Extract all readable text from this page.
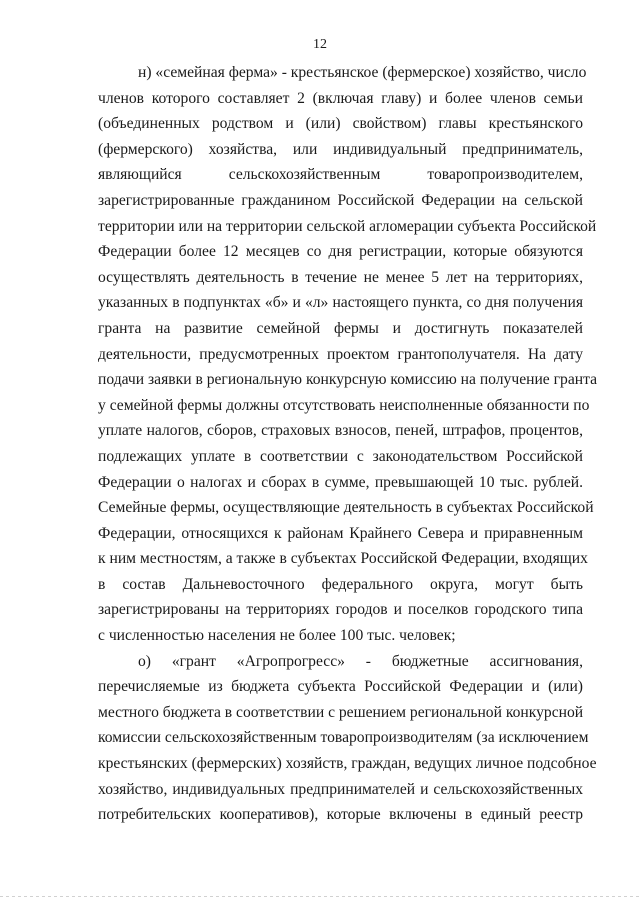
12

н) «семейная ферма» - крестьянское (фермерское) хозяйство, число
членов которого составляет 2 (включая главу) и более членов семьи
(объединенных родством и (или) свойством) главы крестьянского
(фермерского) хозяйства, или индивидуальный предприниматель,
являющийся сельскохозяйственным товаропроизводителем,
зарегистрированные гражданином Российской Федерации на сельской
территории или на территории сельской агломерации субъекта Российской
Федерации более 12 месяцев со дня регистрации, которые обязуются
осуществлять деятельность в течение не менее 5 лет на территориях,
указанных в подпунктах «б» и «л» настоящего пункта, со дня получения
гранта на развитие семейной фермы и достигнуть показателей
деятельности, предусмотренных проектом грантополучателя. На дату
подачи заявки в региональную конкурсную комиссию на получение гранта
у семейной фермы должны отсутствовать неисполненные обязанности по
уплате налогов, сборов, страховых взносов, пеней, штрафов, процентов,
подлежащих уплате в соответствии с законодательством Российской
Федерации о налогах и сборах в сумме, превышающей 10 тыс. рублей.
Семейные фермы, осуществляющие деятельность в субъектах Российской
Федерации, относящихся к районам Крайнего Севера и приравненным
к ним местностям, а также в субъектах Российской Федерации, входящих
в состав Дальневосточного федерального округа, могут быть
зарегистрированы на территориях городов и поселков городского типа
с численностью населения не более 100 тыс. человек;

о) «грант «Агропрогресс» - бюджетные ассигнования,
перечисляемые из бюджета субъекта Российской Федерации и (или)
местного бюджета в соответствии с решением региональной конкурсной
комиссии сельскохозяйственным товаропроизводителям (за исключением
крестьянских (фермерских) хозяйств, граждан, ведущих личное подсобное
хозяйство, индивидуальных предпринимателей и сельскохозяйственных
потребительских кооперативов), которые включены в единый реестр
